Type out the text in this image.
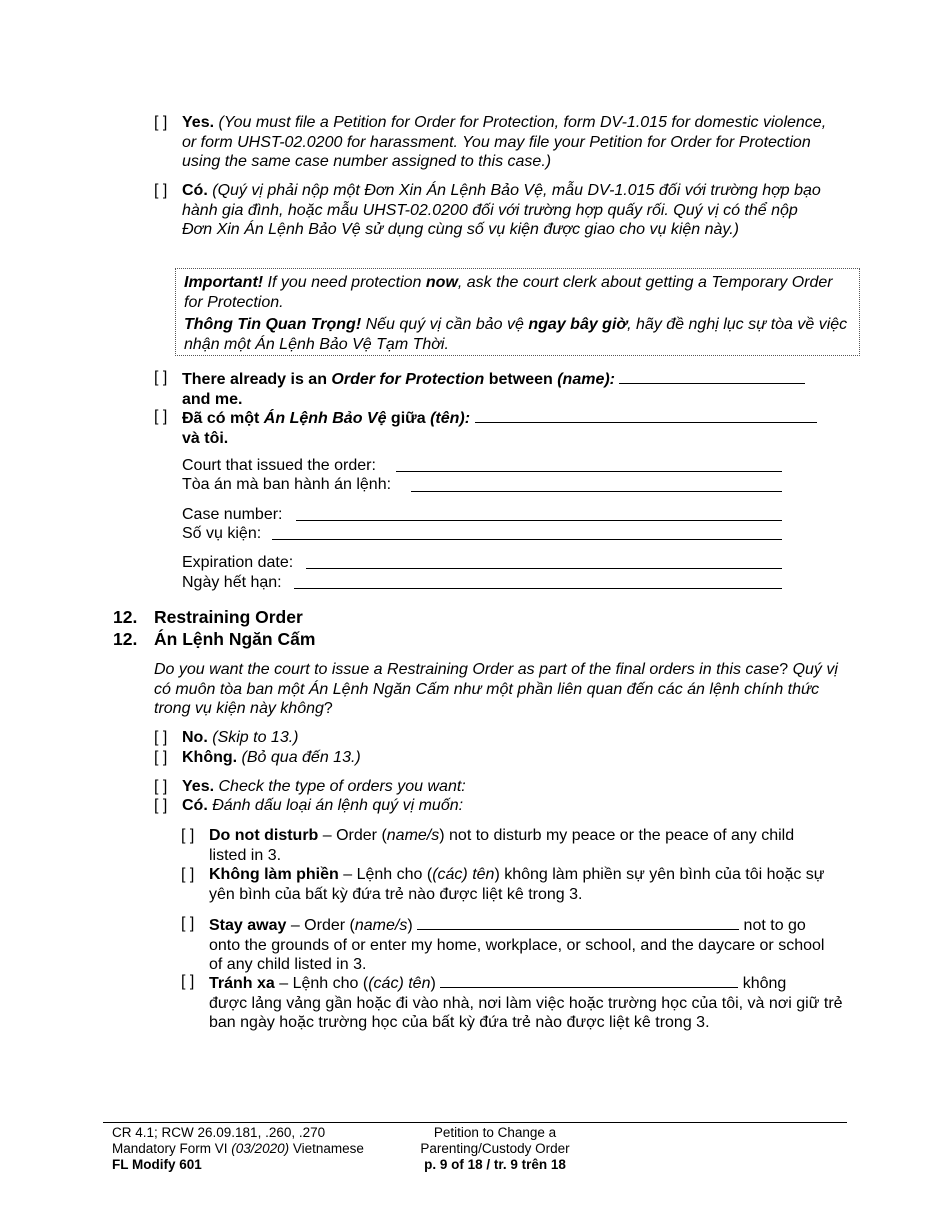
[ ] Yes. (You must file a Petition for Order for Protection, form DV-1.015 for domestic violence, or form UHST-02.0200 for harassment. You may file your Petition for Order for Protection using the same case number assigned to this case.)
[ ] Có. (Quý vị phải nộp một Đơn Xin Án Lệnh Bảo Vệ, mẫu DV-1.015 đối với trường hợp bạo hành gia đình, hoặc mẫu UHST-02.0200 đối với trường hợp quấy rối. Quý vị có thể nộp Đơn Xin Án Lệnh Bảo Vệ sử dụng cùng số vụ kiện được giao cho vụ kiện này.)
Important! If you need protection now, ask the court clerk about getting a Temporary Order for Protection.
Thông Tin Quan Trọng! Nếu quý vị cần bảo vệ ngay bây giờ, hãy đề nghị lục sự tòa về việc nhận một Án Lệnh Bảo Vệ Tạm Thời.
[ ] There already is an Order for Protection between (name):
and me.
[ ] Đã có một Án Lệnh Bảo Vệ giữa (tên):
và tôi.
Court that issued the order:
Tòa án mà ban hành án lệnh:
Case number:
Số vụ kiện:
Expiration date:
Ngày hết hạn:
12. Restraining Order
12. Án Lệnh Ngăn Cấm
Do you want the court to issue a Restraining Order as part of the final orders in this case? Quý vị có muôn tòa ban một Án Lệnh Ngăn Cấm như một phần liên quan đến các án lệnh chính thức trong vụ kiện này không?
[ ] No. (Skip to 13.)
[ ] Không. (Bỏ qua đến 13.)
[ ] Yes. Check the type of orders you want:
[ ] Có. Đánh dấu loại án lệnh quý vị muốn:
[ ] Do not disturb – Order (name/s) not to disturb my peace or the peace of any child listed in 3.
[ ] Không làm phiền – Lệnh cho ((các) tên) không làm phiền sự yên bình của tôi hoặc sự yên bình của bất kỳ đứa trẻ nào được liệt kê trong 3.
[ ] Stay away – Order (name/s)	not to go
onto the grounds of or enter my home, workplace, or school, and the daycare or school of any child listed in 3.
[ ] Tránh xa – Lệnh cho ((các) tên)	không
được lảng vảng gần hoặc đi vào nhà, nơi làm việc hoặc trường học của tôi, và nơi giữ trẻ ban ngày hoặc trường học của bất kỳ đứa trẻ nào được liệt kê trong 3.
CR 4.1; RCW 26.09.181, .260, .270
Mandatory Form VI (03/2020) Vietnamese
FL Modify 601
Petition to Change a
Parenting/Custody Order
p. 9 of 18 / tr. 9 trên 18
